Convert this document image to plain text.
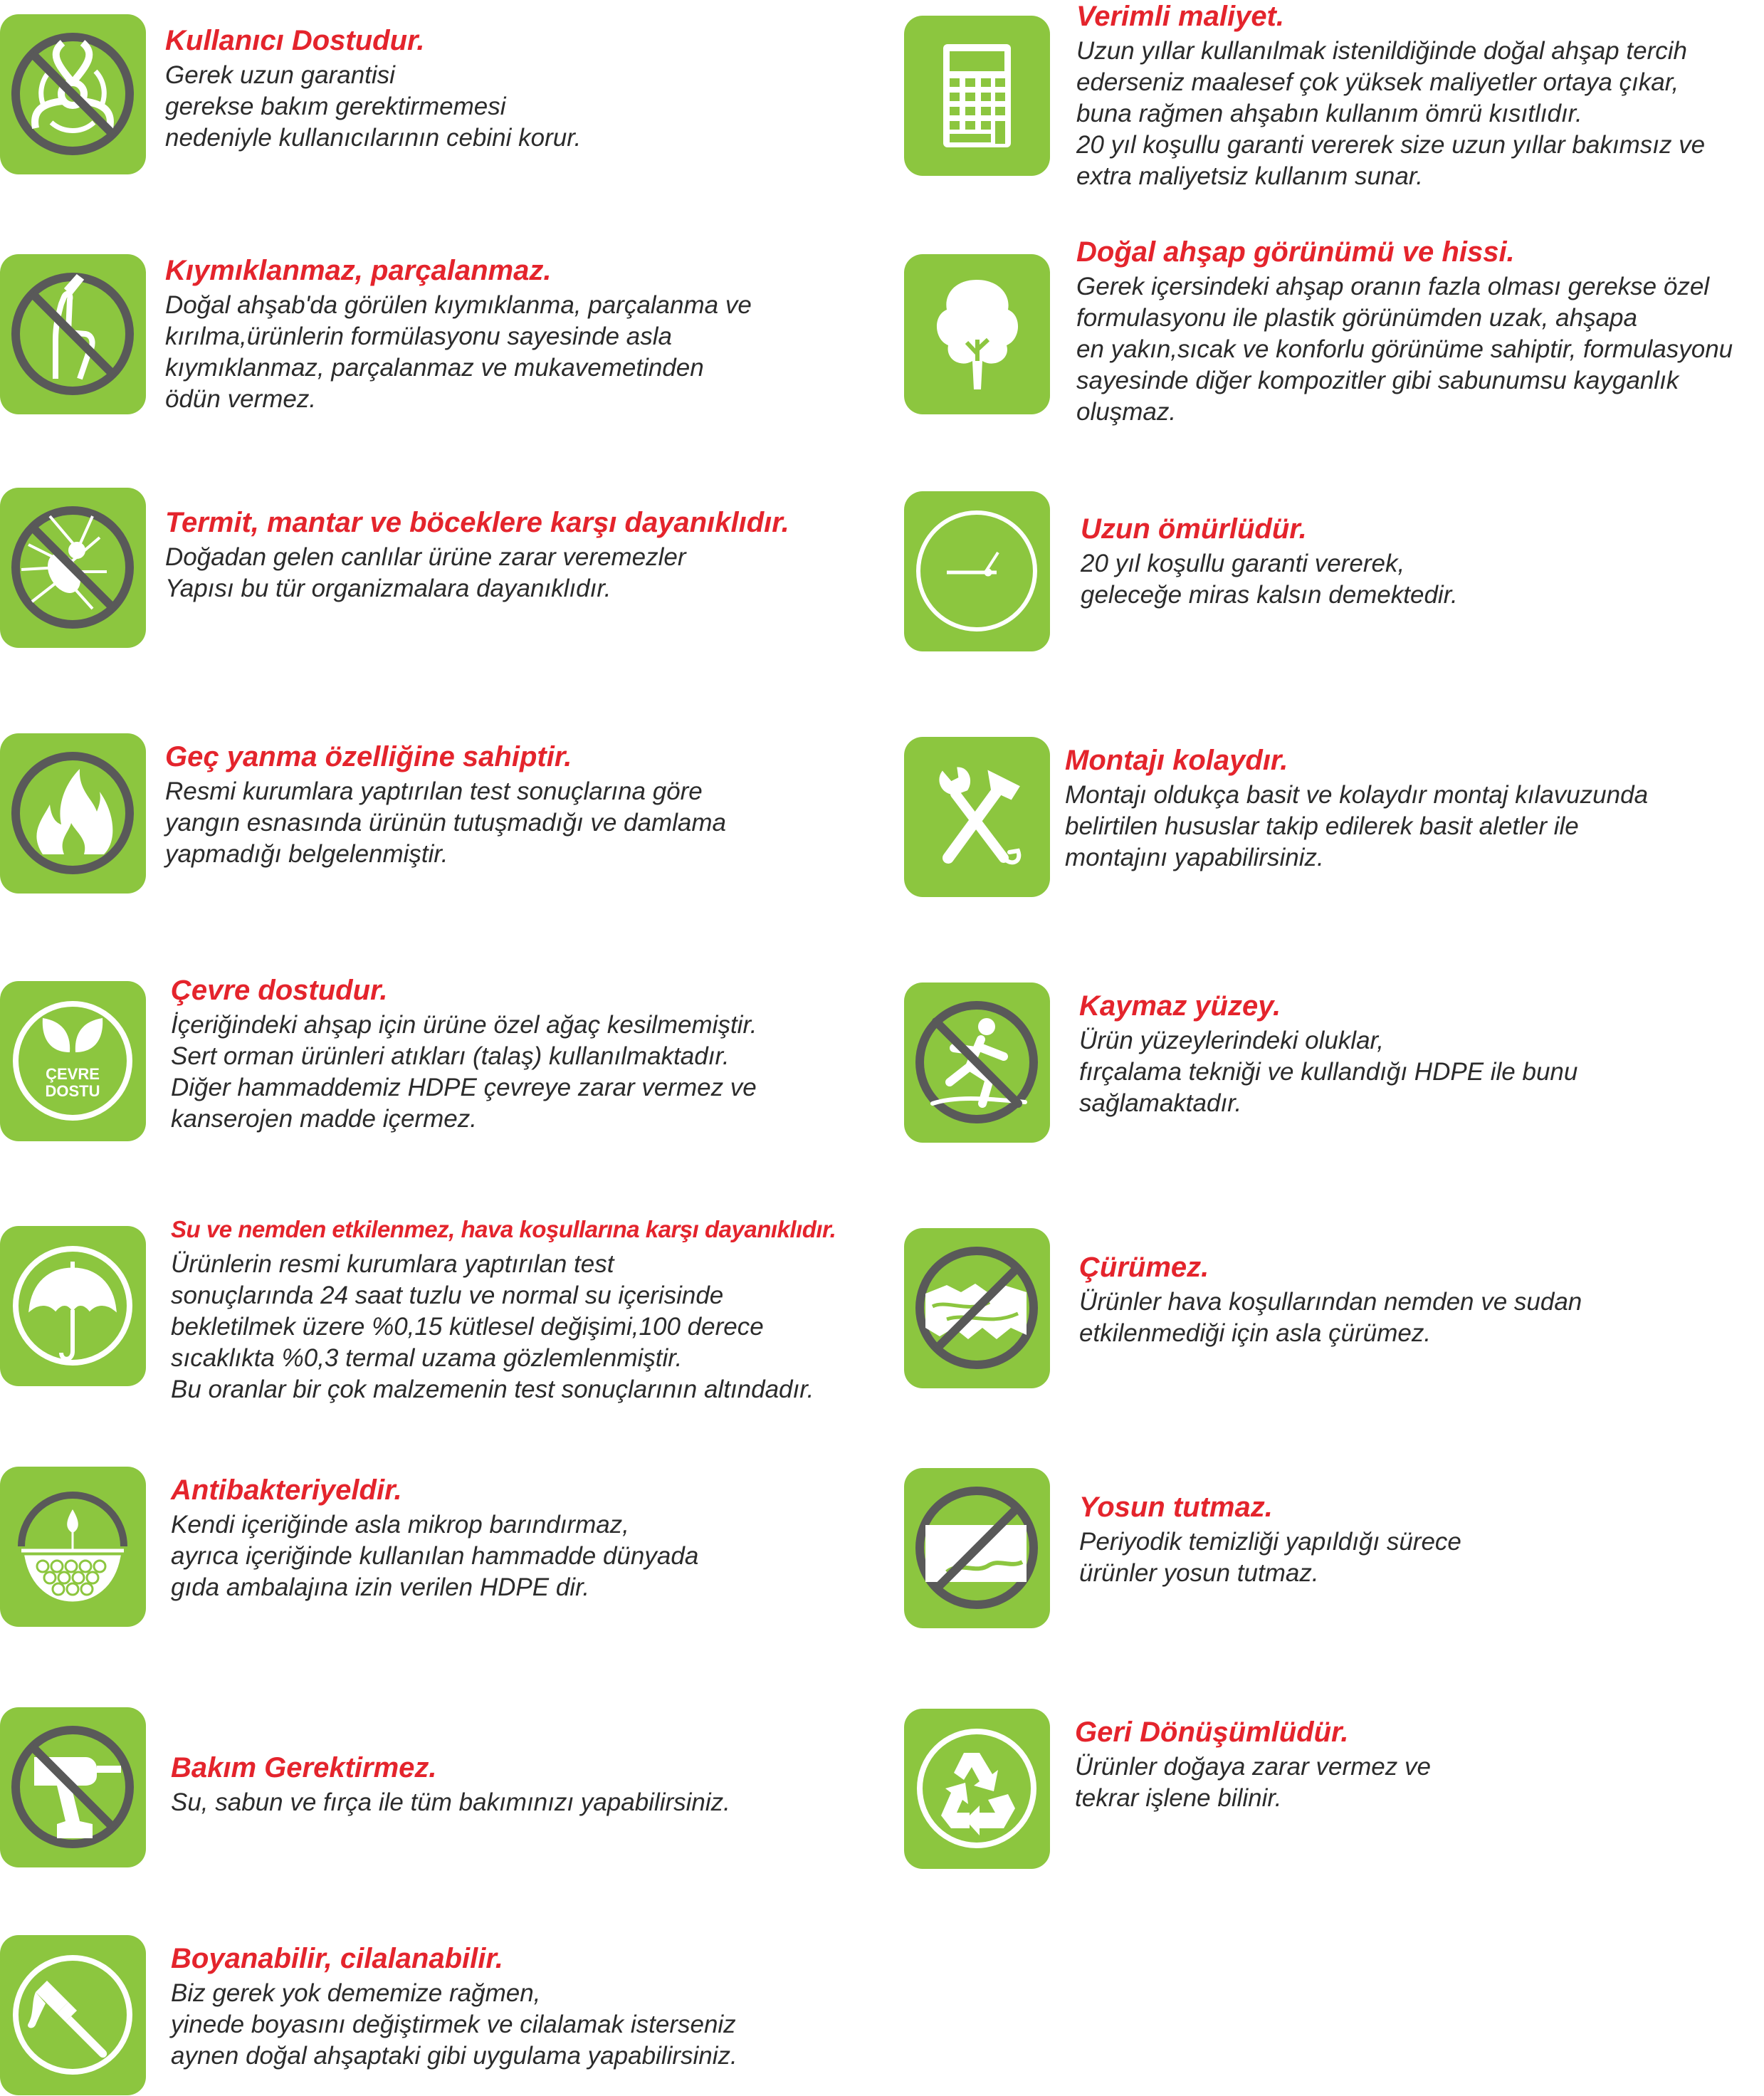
Kullanıcı Dostudur.
Gerek uzun garantisi
gerekse bakım gerektirmemesi
nedeniyle kullanıcılarının cebini korur.
Verimli maliyet.
Uzun yıllar kullanılmak istenildiğinde doğal ahşap tercih
ederseniz maalesef çok yüksek maliyetler ortaya çıkar,
buna rağmen ahşabın kullanım ömrü kısıtlıdır.
20 yıl koşullu garanti vererek size uzun yıllar bakımsız ve
extra maliyetsiz kullanım sunar.
Kıymıklanmaz, parçalanmaz.
Doğal ahşab'da görülen kıymıklanma, parçalanma ve
kırılma,ürünlerin formülasyonu sayesinde asla
kıymıklanmaz, parçalanmaz ve mukavemetinden
ödün vermez.
Doğal ahşap görünümü ve hissi.
Gerek içersindeki ahşap oranın fazla olması gerekse özel
formulasyonu ile plastik görünümden uzak, ahşapa
en yakın,sıcak ve konforlu görünüme sahiptir, formulasyonu
sayesinde diğer kompozitler gibi sabunumsu kayganlık
oluşmaz.
Termit, mantar ve böceklere karşı dayanıklıdır.
Doğadan gelen canlılar ürüne zarar veremezler
Yapısı bu tür organizmalara dayanıklıdır.
Uzun ömürlüdür.
20 yıl koşullu garanti vererek,
geleceğe miras kalsın demektedir.
Geç yanma özelliğine sahiptir.
Resmi kurumlara yaptırılan test sonuçlarına göre
yangın esnasında ürünün tutuşmadığı ve damlama
yapmadığı belgelenmiştir.
Montajı kolaydır.
Montajı oldukça basit ve kolaydır montaj kılavuzunda
belirtilen hususlar takip edilerek basit aletler ile
montajını yapabilirsiniz.
ÇEVRE
DOSTU
Çevre dostudur.
İçeriğindeki ahşap için ürüne özel ağaç kesilmemiştir.
Sert orman ürünleri atıkları (talaş) kullanılmaktadır.
Diğer hammaddemiz HDPE çevreye zarar vermez ve
kanserojen madde içermez.
Kaymaz yüzey.
Ürün yüzeylerindeki oluklar,
fırçalama tekniği ve kullandığı HDPE ile bunu
sağlamaktadır.
Su ve nemden etkilenmez, hava koşullarına karşı dayanıklıdır.
Ürünlerin resmi kurumlara yaptırılan test
sonuçlarında 24 saat tuzlu ve normal su içerisinde
bekletilmek üzere %0,15 kütlesel değişimi,100 derece
sıcaklıkta %0,3 termal uzama gözlemlenmiştir.
Bu oranlar bir çok malzemenin test sonuçlarının altındadır.
Çürümez.
Ürünler hava koşullarından nemden ve sudan
etkilenmediği için asla çürümez.
Antibakteriyeldir.
Kendi içeriğinde asla mikrop barındırmaz,
ayrıca içeriğinde kullanılan hammadde dünyada
gıda ambalajına izin verilen HDPE dir.
Yosun tutmaz.
Periyodik temizliği yapıldığı sürece
ürünler yosun tutmaz.
Bakım Gerektirmez.
Su, sabun ve fırça ile tüm bakımınızı yapabilirsiniz.
Geri Dönüşümlüdür.
Ürünler doğaya zarar vermez ve
tekrar işlene bilinir.
Boyanabilir, cilalanabilir.
Biz gerek yok dememize rağmen,
yinede boyasını değiştirmek ve cilalamak isterseniz
aynen doğal ahşaptaki gibi uygulama yapabilirsiniz.
